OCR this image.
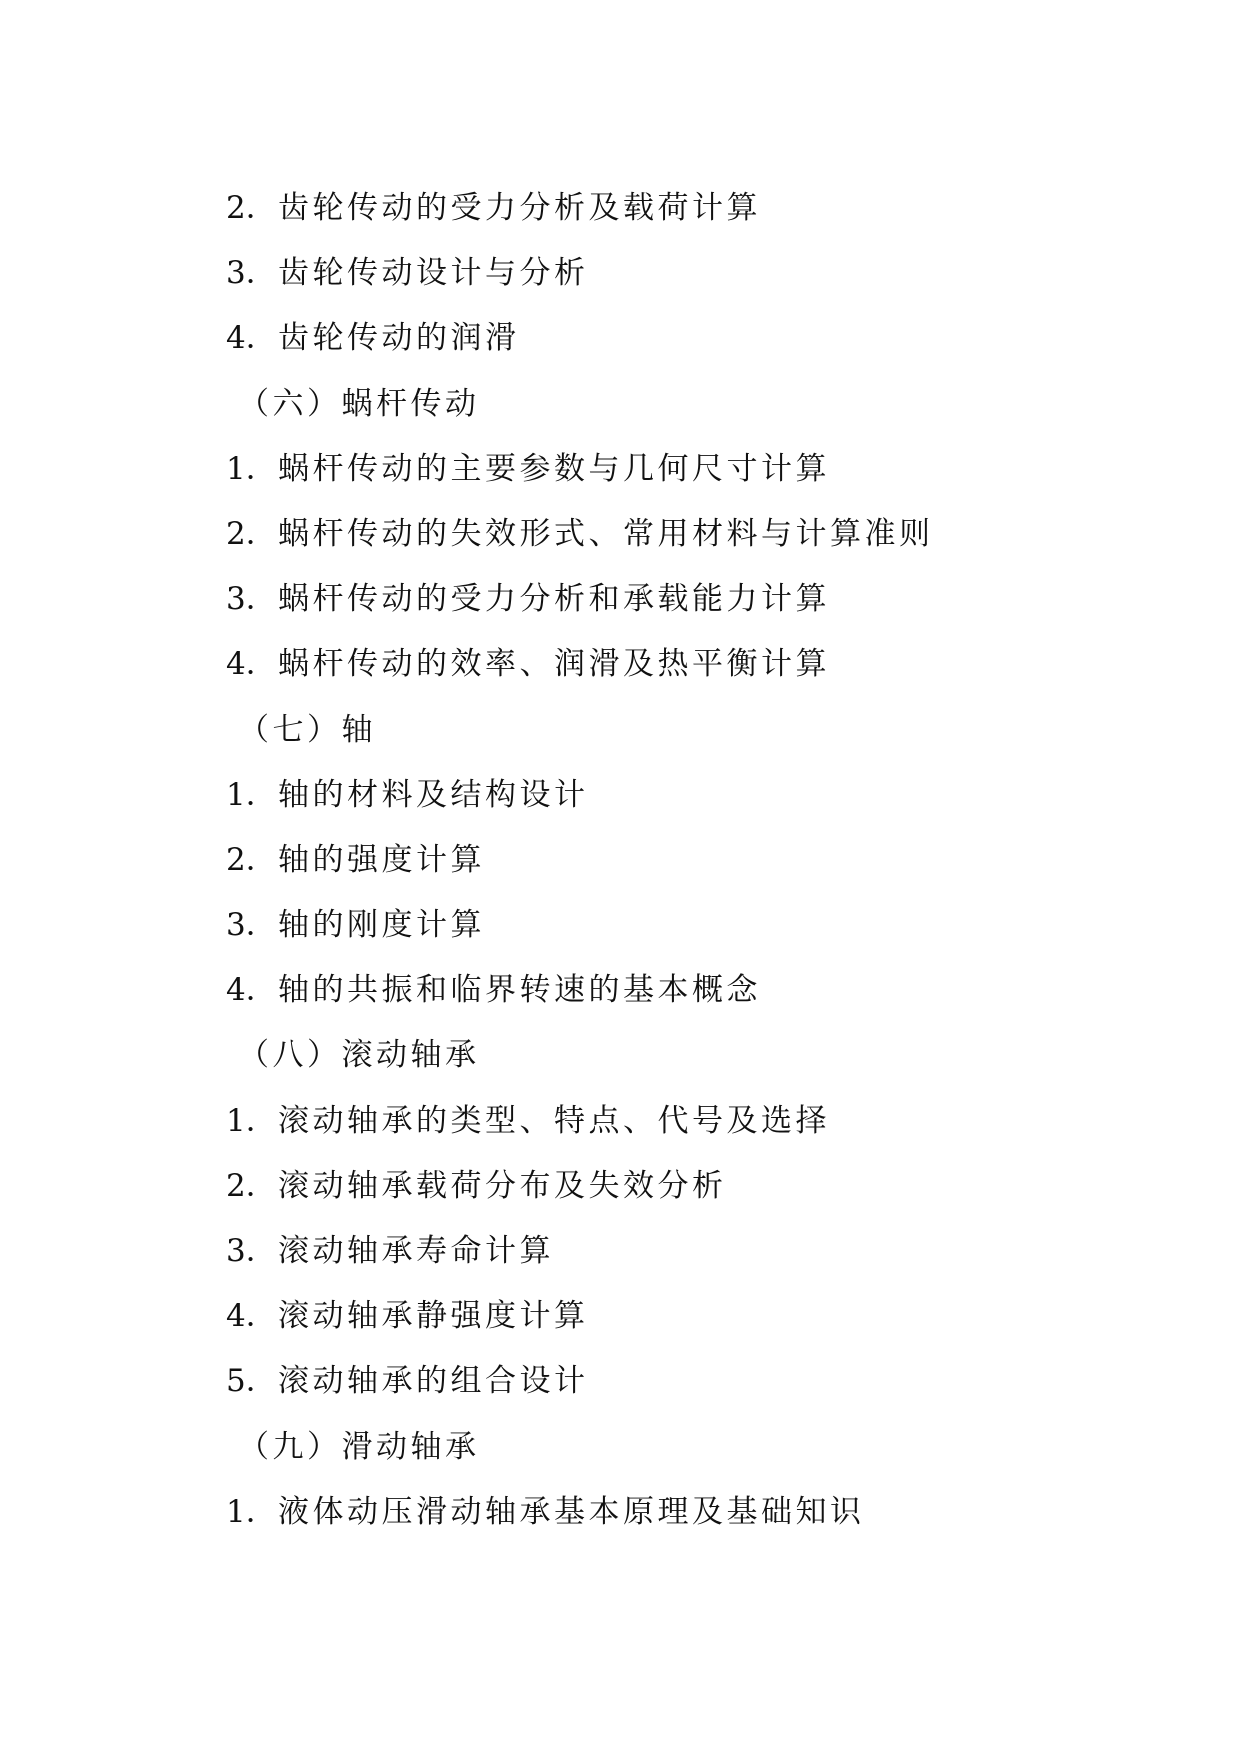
2．齿轮传动的受力分析及载荷计算
3．齿轮传动设计与分析
4．齿轮传动的润滑
（六）蜗杆传动
1．蜗杆传动的主要参数与几何尺寸计算
2．蜗杆传动的失效形式、常用材料与计算准则
3．蜗杆传动的受力分析和承载能力计算
4．蜗杆传动的效率、润滑及热平衡计算
（七）轴
1．轴的材料及结构设计
2．轴的强度计算
3．轴的刚度计算
4．轴的共振和临界转速的基本概念
（八）滚动轴承
1．滚动轴承的类型、特点、代号及选择
2．滚动轴承载荷分布及失效分析
3．滚动轴承寿命计算
4．滚动轴承静强度计算
5．滚动轴承的组合设计
（九）滑动轴承
1．液体动压滑动轴承基本原理及基础知识
